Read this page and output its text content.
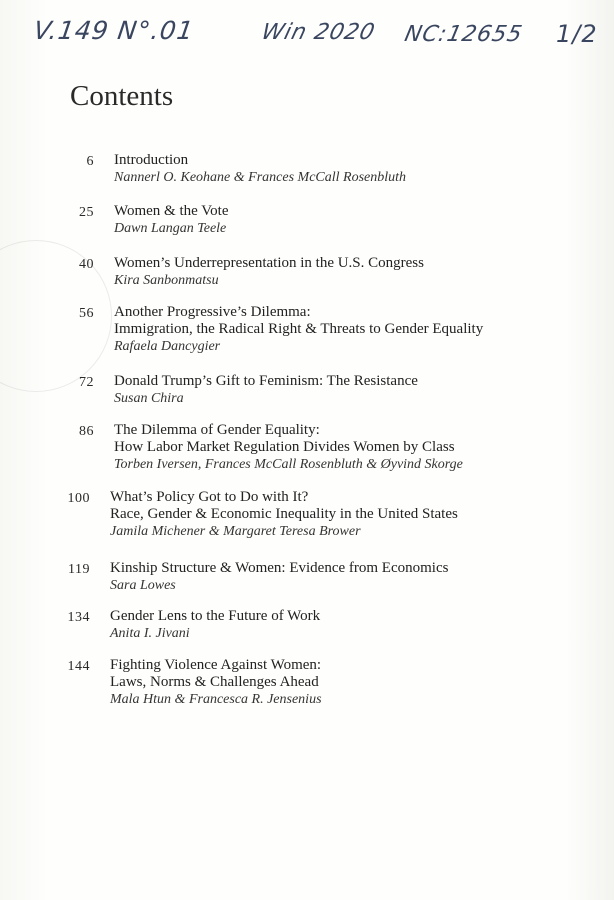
V.149 N°.01	Win 2020 NC:12655 1/2
Contents
6 Introduction
Nannerl O. Keohane & Frances McCall Rosenbluth
25 Women & the Vote
Dawn Langan Teele
40 Women’s Underrepresentation in the U.S. Congress
Kira Sanbonmatsu
56 Another Progressive’s Dilemma:
Immigration, the Radical Right & Threats to Gender Equality
Rafaela Dancygier
72 Donald Trump’s Gift to Feminism: The Resistance
Susan Chira
86 The Dilemma of Gender Equality:
How Labor Market Regulation Divides Women by Class
Torben Iversen, Frances McCall Rosenbluth & Øyvind Skorge
100 What’s Policy Got to Do with It?
Race, Gender & Economic Inequality in the United States
Jamila Michener & Margaret Teresa Brower
119 Kinship Structure & Women: Evidence from Economics
Sara Lowes
134 Gender Lens to the Future of Work
Anita I. Jivani
144 Fighting Violence Against Women:
Laws, Norms & Challenges Ahead
Mala Htun & Francesca R. Jensenius
